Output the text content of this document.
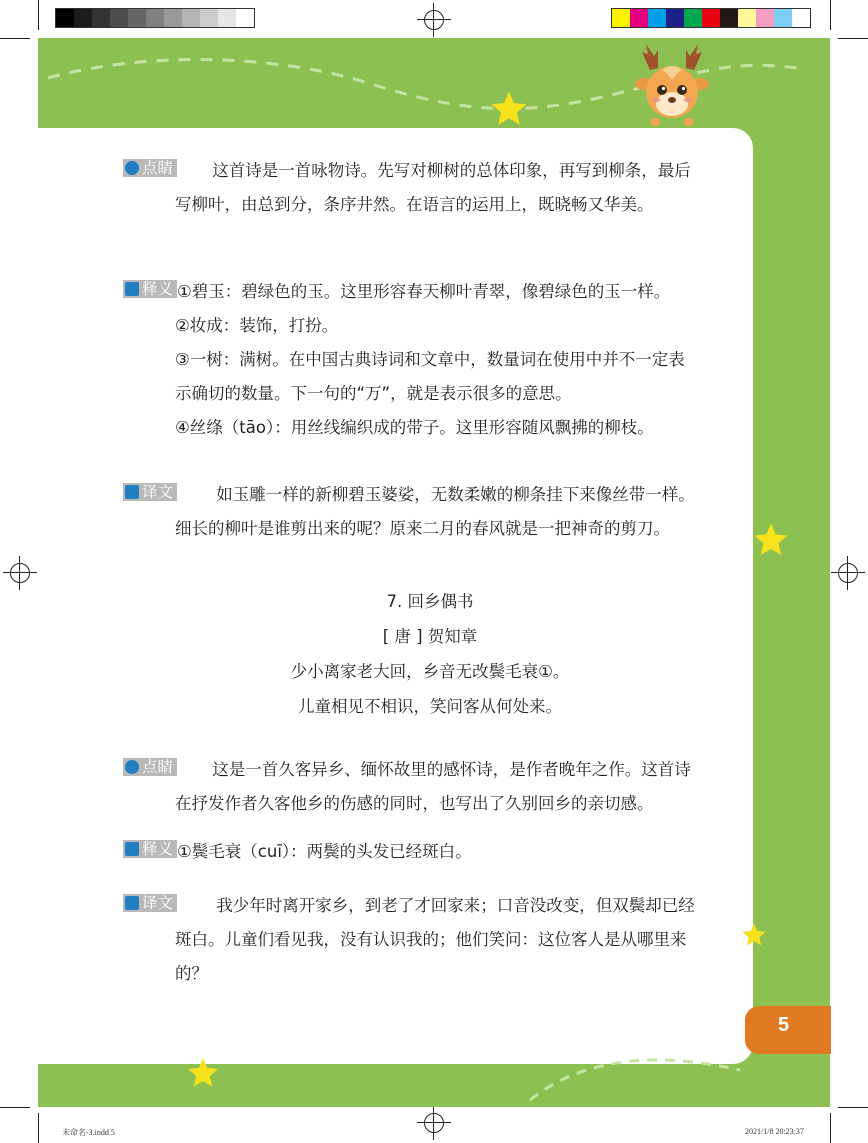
点睛 这首诗是一首咏物诗。先写对柳树的总体印象，再写到柳条，最后
写柳叶，由总到分，条序井然。在语言的运用上，既晓畅又华美。
释义 ①碧玉：碧绿色的玉。这里形容春天柳叶青翠，像碧绿色的玉一样。
②妆成：装饰，打扮。
③一树：满树。在中国古典诗词和文章中，数量词在使用中并不一定表
示确切的数量。下一句的“万”，就是表示很多的意思。
④丝绦（tāo）：用丝线编织成的带子。这里形容随风飘拂的柳枝。
译文	如玉雕一样的新柳碧玉婆娑，无数柔嫩的柳条挂下来像丝带一样。
细长的柳叶是谁剪出来的呢？原来二月的春风就是一把神奇的剪刀。
7. 回乡偶书
[ 唐 ] 贺知章
少小离家老大回，乡音无改鬓毛衰①。
儿童相见不相识，笑问客从何处来。
点睛 这是一首久客异乡、缅怀故里的感怀诗，是作者晚年之作。这首诗
在抒发作者久客他乡的伤感的同时，也写出了久别回乡的亲切感。
释义 ①鬓毛衰（cuī）：两鬓的头发已经斑白。
译文	我少年时离开家乡，到老了才回家来；口音没改变，但双鬓却已经
斑白。儿童们看见我，没有认识我的；他们笑问：这位客人是从哪里来
的？
5
未命名-3.indd 5	2021/1/8 20:23:37
